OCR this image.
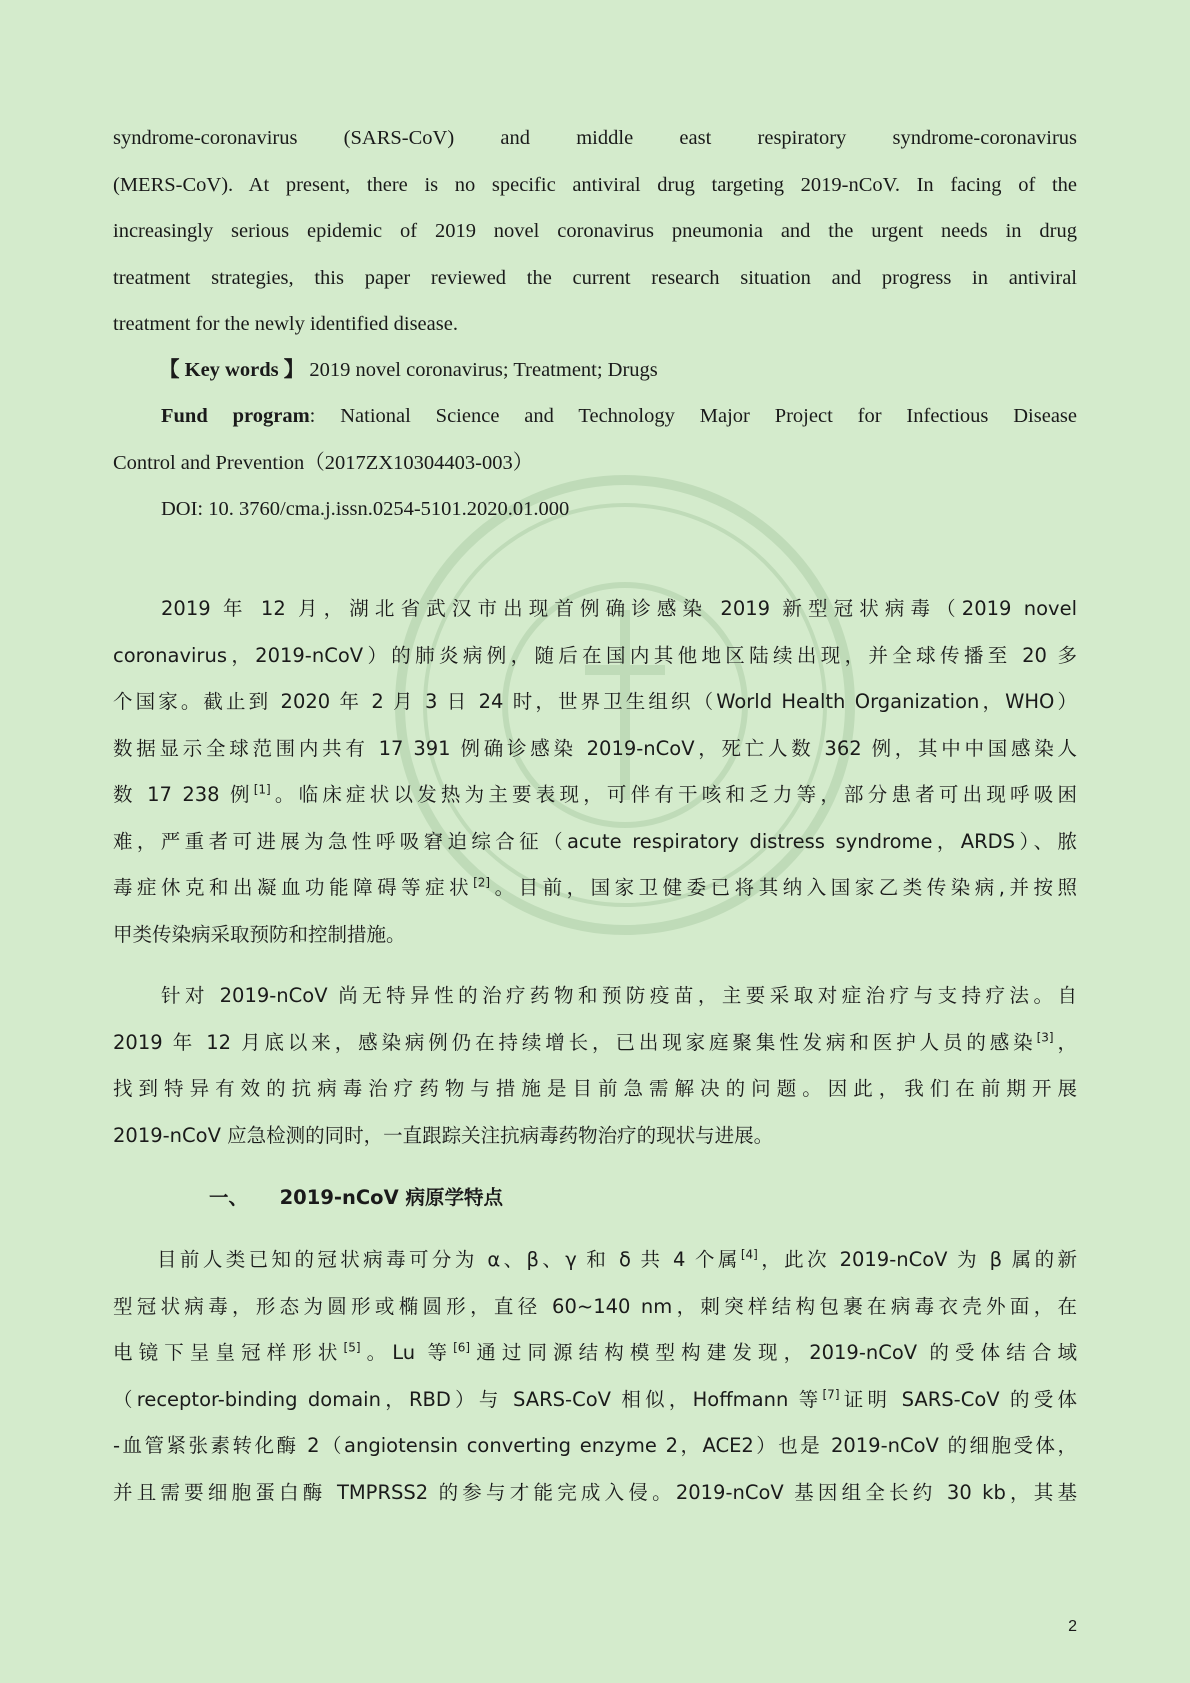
syndrome-coronavirus (SARS-CoV) and middle east respiratory syndrome-coronavirus
(MERS-CoV). At present, there is no specific antiviral drug targeting 2019-nCoV. In facing of the
increasingly serious epidemic of 2019 novel coronavirus pneumonia and the urgent needs in drug
treatment strategies, this paper reviewed the current research situation and progress in antiviral
treatment for the newly identified disease.
【 Key words 】 2019 novel coronavirus; Treatment; Drugs
Fund program: National Science and Technology Major Project for Infectious Disease
Control and Prevention（2017ZX10304403-003）
DOI: 10. 3760/cma.j.issn.0254-5101.2020.01.000
2019 年 12 月，湖北省武汉市出现首例确诊感染 2019 新型冠状病毒（2019 novel
coronavirus，2019-nCoV）的肺炎病例，随后在国内其他地区陆续出现，并全球传播至 20 多
个国家。截止到 2020 年 2 月 3 日 24 时，世界卫生组织（World Health Organization，WHO）
数据显示全球范围内共有 17 391 例确诊感染 2019-nCoV，死亡人数 362 例，其中中国感染人
数 17 238 例[1]。临床症状以发热为主要表现，可伴有干咳和乏力等，部分患者可出现呼吸困
难，严重者可进展为急性呼吸窘迫综合征（acute respiratory distress syndrome，ARDS）、脓
毒症休克和出凝血功能障碍等症状[2]。目前，国家卫健委已将其纳入国家乙类传染病,并按照
甲类传染病采取预防和控制措施。
针对 2019-nCoV 尚无特异性的治疗药物和预防疫苗，主要采取对症治疗与支持疗法。自
2019 年 12 月底以来，感染病例仍在持续增长，已出现家庭聚集性发病和医护人员的感染[3]，
找到特异有效的抗病毒治疗药物与措施是目前急需解决的问题。因此，我们在前期开展
2019-nCoV 应急检测的同时，一直跟踪关注抗病毒药物治疗的现状与进展。
一、 2019-nCoV 病原学特点
目前人类已知的冠状病毒可分为 α、β、γ 和 δ 共 4 个属[4]，此次 2019-nCoV 为 β 属的新
型冠状病毒，形态为圆形或椭圆形，直径 60~140 nm，刺突样结构包裹在病毒衣壳外面，在
电镜下呈皇冠样形状[5]。Lu 等[6]通过同源结构模型构建发现，2019-nCoV 的受体结合域
（receptor-binding domain，RBD）与 SARS-CoV 相似，Hoffmann 等[7]证明 SARS-CoV 的受体
-血管紧张素转化酶 2（angiotensin converting enzyme 2，ACE2）也是 2019-nCoV 的细胞受体，
并且需要细胞蛋白酶 TMPRSS2 的参与才能完成入侵。2019-nCoV 基因组全长约 30 kb，其基
2
